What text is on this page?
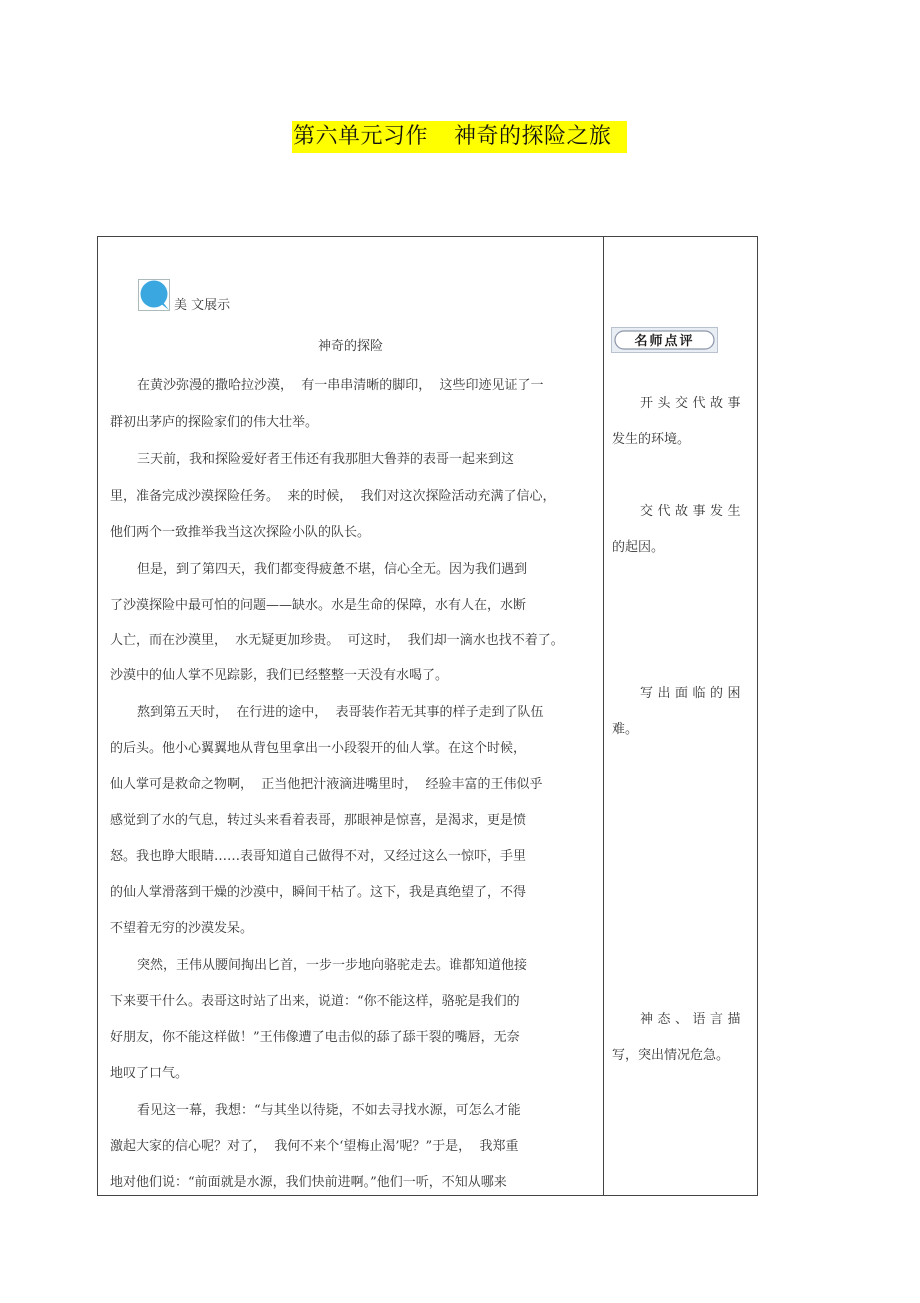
第六单元习作 神奇的探险之旅
美 文展示
神奇的探险
在黄沙弥漫的撒哈拉沙漠，  有一串串清晰的脚印，  这些印迹见证了一
群初出茅庐的探险家们的伟大壮举。
三天前，我和探险爱好者王伟还有我那胆大鲁莽的表哥一起来到这
里，准备完成沙漠探险任务。  来的时候，  我们对这次探险活动充满了信心，
他们两个一致推举我当这次探险小队的队长。
但是，到了第四天，我们都变得疲惫不堪，信心全无。因为我们遇到
了沙漠探险中最可怕的问题——缺水。水是生命的保障，水有人在，水断
人亡，而在沙漠里，  水无疑更加珍贵。  可这时，  我们却一滴水也找不着了。
沙漠中的仙人掌不见踪影，我们已经整整一天没有水喝了。
熬到第五天时，  在行进的途中，  表哥装作若无其事的样子走到了队伍
的后头。他小心翼翼地从背包里拿出一小段裂开的仙人掌。在这个时候，
仙人掌可是救命之物啊，  正当他把汁液滴进嘴里时，  经验丰富的王伟似乎
感觉到了水的气息，转过头来看着表哥，那眼神是惊喜，是渴求，更是愤
怒。我也睁大眼睛……表哥知道自己做得不对，又经过这么一惊吓，手里
的仙人掌滑落到干燥的沙漠中，瞬间干枯了。这下，我是真绝望了，不得
不望着无穷的沙漠发呆。
突然，王伟从腰间掏出匕首，一步一步地向骆驼走去。谁都知道他接
下来要干什么。表哥这时站了出来，说道：“你不能这样，骆驼是我们的
好朋友，你不能这样做！”王伟像遭了电击似的舔了舔干裂的嘴唇，无奈
地叹了口气。
看见这一幕，我想：“与其坐以待毙，不如去寻找水源，可怎么才能
激起大家的信心呢？对了，  我何不来个‘望梅止渴’呢？”于是，  我郑重
地对他们说：“前面就是水源，我们快前进啊。”他们一听，不知从哪来
名师点评
开头交代故事
发生的环境。
交代故事发生
的起因。
写出面临的困
难。
神态、语言描
写，突出情况危急。
